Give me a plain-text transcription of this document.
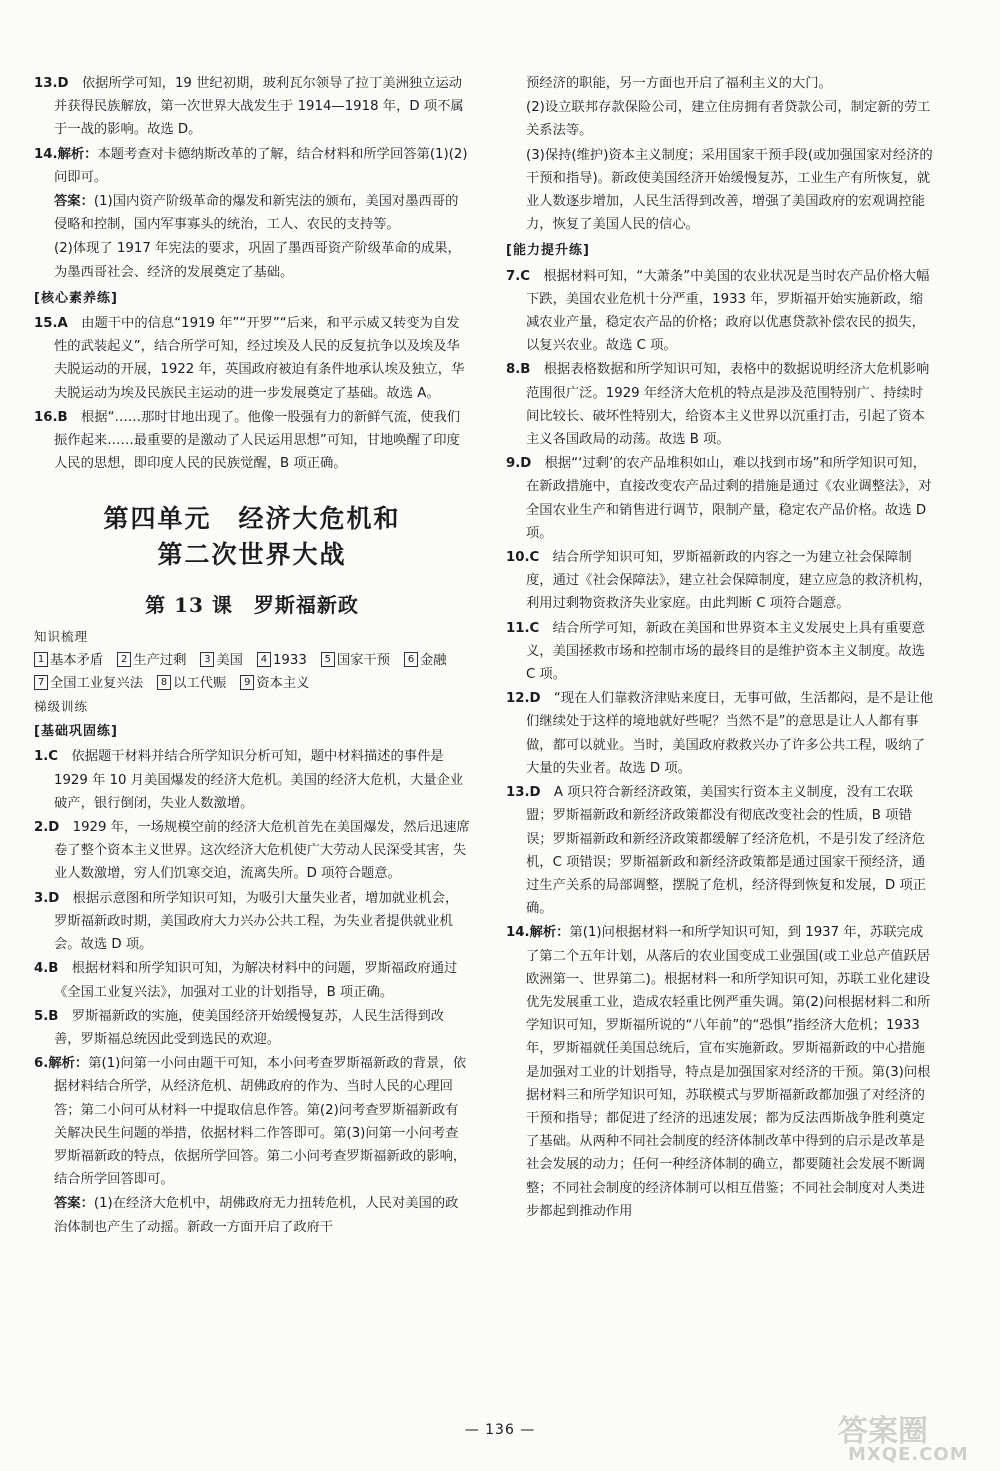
13.D　 依据所学可知，19 世纪初期，玻利瓦尔领导了拉丁美洲独立运动并获得民族解放，第一次世界大战发生于 1914—1918 年，D 项不属于一战的影响。故选 D。

14.解析：本题考查对卡德纳斯改革的了解，结合材料和所学回答第(1)(2)问即可。

答案：(1)国内资产阶级革命的爆发和新宪法的颁布，美国对墨西哥的侵略和控制，国内军事寡头的统治，工人、农民的支持等。

(2)体现了 1917 年宪法的要求，巩固了墨西哥资产阶级革命的成果，为墨西哥社会、经济的发展奠定了基础。

[核心素养练]

15.A　 由题干中的信息“1919 年”“开罗”“后来，和平示威又转变为自发性的武装起义”，结合所学可知，经过埃及人民的反复抗争以及埃及华夫脱运动的开展，1922 年，英国政府被迫有条件地承认埃及独立，华夫脱运动为埃及民族民主运动的进一步发展奠定了基础。故选 A。

16.B　 根据“……那时甘地出现了。他像一股强有力的新鲜气流，使我们振作起来……最重要的是激动了人民运用思想”可知，甘地唤醒了印度人民的思想，即印度人民的民族觉醒，B 项正确。

第四单元　经济大危机和
第二次世界大战
第 13 课　罗斯福新政
知识梳理
1 基本矛盾	2 生产过剩	3 美国	4 1933	5 国家干预	6 金融
7 全国工业复兴法	8 以工代赈	9 资本主义
梯级训练
[基础巩固练]

1.C　 依据题干材料并结合所学知识分析可知，题中材料描述的事件是 1929 年 10 月美国爆发的经济大危机。美国的经济大危机，大量企业破产，银行倒闭，失业人数激增。

2.D　 1929 年，一场规模空前的经济大危机首先在美国爆发，然后迅速席卷了整个资本主义世界。这次经济大危机使广大劳动人民深受其害，失业人数激增，穷人们饥寒交迫，流离失所。D 项符合题意。

3.D　 根据示意图和所学知识可知，为吸引大量失业者，增加就业机会，罗斯福新政时期，美国政府大力兴办公共工程，为失业者提供就业机会。故选 D 项。

4.B　 根据材料和所学知识可知，为解决材料中的问题，罗斯福政府通过《全国工业复兴法》，加强对工业的计划指导，B 项正确。

5.B　 罗斯福新政的实施，使美国经济开始缓慢复苏，人民生活得到改善，罗斯福总统因此受到选民的欢迎。

6.解析：第(1)问第一小问由题干可知，本小问考查罗斯福新政的背景，依据材料结合所学，从经济危机、胡佛政府的作为、当时人民的心理回答；第二小问可从材料一中提取信息作答。第(2)问考查罗斯福新政有关解决民生问题的举措，依据材料二作答即可。第(3)问第一小问考查罗斯福新政的特点，依据所学回答。第二小问考查罗斯福新政的影响，结合所学回答即可。

答案：(1)在经济大危机中，胡佛政府无力扭转危机，人民对美国的政治体制也产生了动摇。新政一方面开启了政府干

预经济的职能，另一方面也开启了福利主义的大门。

(2)设立联邦存款保险公司，建立住房拥有者贷款公司，制定新的劳工关系法等。

(3)保持(维护)资本主义制度；采用国家干预手段(或加强国家对经济的干预和指导)。新政使美国经济开始缓慢复苏，工业生产有所恢复，就业人数逐步增加，人民生活得到改善，增强了美国政府的宏观调控能力，恢复了美国人民的信心。

[能力提升练]

7.C　 根据材料可知，“大萧条”中美国的农业状况是当时农产品价格大幅下跌，美国农业危机十分严重，1933 年，罗斯福开始实施新政，缩减农业产量，稳定农产品的价格；政府以优惠贷款补偿农民的损失，以复兴农业。故选 C 项。

8.B　 根据表格数据和所学知识可知，表格中的数据说明经济大危机影响范围很广泛。1929 年经济大危机的特点是涉及范围特别广、持续时间比较长、破坏性特别大，给资本主义世界以沉重打击，引起了资本主义各国政局的动荡。故选 B 项。

9.D　 根据“‘过剩’的农产品堆积如山，难以找到市场”和所学知识可知，在新政措施中，直接改变农产品过剩的措施是通过《农业调整法》，对全国农业生产和销售进行调节，限制产量，稳定农产品价格。故选 D 项。

10.C　 结合所学知识可知，罗斯福新政的内容之一为建立社会保障制度，通过《社会保障法》，建立社会保障制度，建立应急的救济机构，利用过剩物资救济失业家庭。由此判断 C 项符合题意。

11.C　 结合所学可知，新政在美国和世界资本主义发展史上具有重要意义，美国拯救市场和控制市场的最终目的是维护资本主义制度。故选 C 项。

12.D　 “现在人们靠救济津贴来度日，无事可做，生活都闷，是不是让他们继续处于这样的境地就好些呢？当然不是”的意思是让人人都有事做，都可以就业。当时，美国政府救救兴办了许多公共工程，吸纳了大量的失业者。故选 D 项。

13.D　 A 项只符合新经济政策，美国实行资本主义制度，没有工农联盟；罗斯福新政和新经济政策都没有彻底改变社会的性质，B 项错误；罗斯福新政和新经济政策都缓解了经济危机，不是引发了经济危机，C 项错误；罗斯福新政和新经济政策都是通过国家干预经济，通过生产关系的局部调整，摆脱了危机，经济得到恢复和发展，D 项正确。

14.解析：第(1)问根据材料一和所学知识可知，到 1937 年，苏联完成了第二个五年计划，从落后的农业国变成工业强国(或工业总产值跃居欧洲第一、世界第二)。根据材料一和所学知识可知，苏联工业化建设优先发展重工业，造成农轻重比例严重失调。第(2)问根据材料二和所学知识可知，罗斯福所说的“八年前”的“恐惧”指经济大危机；1933 年，罗斯福就任美国总统后，宣布实施新政。罗斯福新政的中心措施是加强对工业的计划指导，特点是加强国家对经济的干预。第(3)问根据材料三和所学知识可知，苏联模式与罗斯福新政都加强了对经济的干预和指导；都促进了经济的迅速发展；都为反法西斯战争胜利奠定了基础。从两种不同社会制度的经济体制改革中得到的启示是改革是社会发展的动力；任何一种经济体制的确立，都要随社会发展不断调整；不同社会制度的经济体制可以相互借鉴；不同社会制度对人类进步都起到推动作用

— 136 —	答案圈
MXQE.COM
